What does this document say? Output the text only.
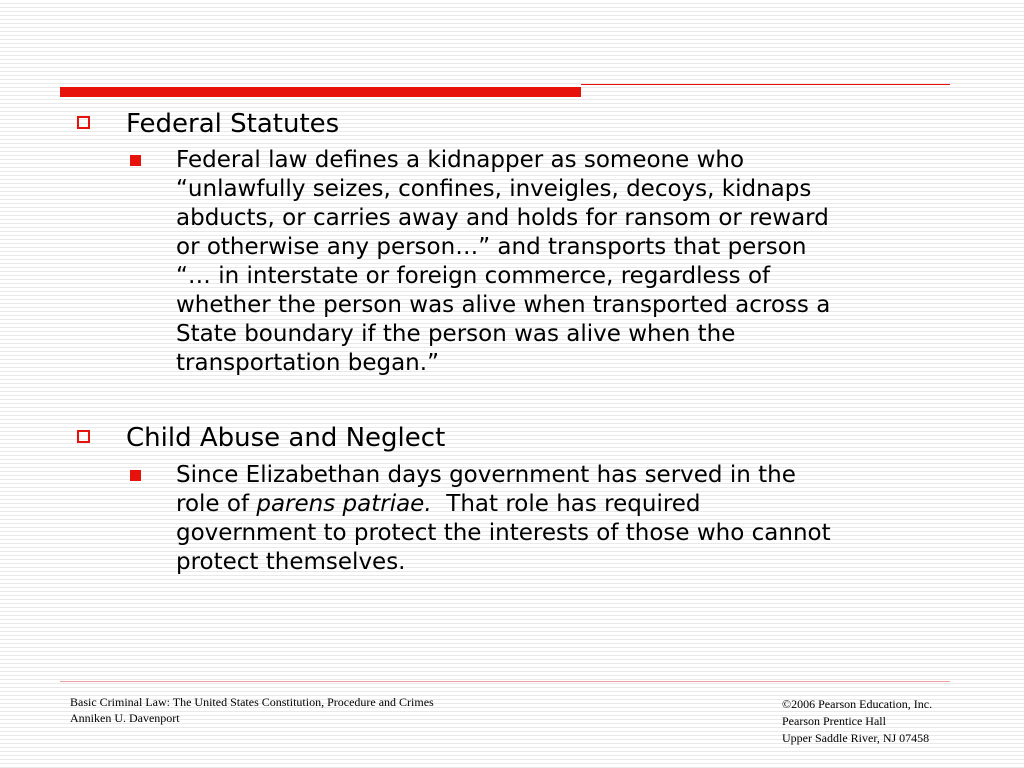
Federal Statutes
Federal law defines a kidnapper as someone who
“unlawfully seizes, confines, inveigles, decoys, kidnaps
abducts, or carries away and holds for ransom or reward
or otherwise any person…” and transports that person
“… in interstate or foreign commerce, regardless of
whether the person was alive when transported across a
State boundary if the person was alive when the
transportation began.”
Child Abuse and Neglect
Since Elizabethan days government has served in the
role of parens patriae.  That role has required
government to protect the interests of those who cannot
protect themselves.
Basic Criminal Law: The United States Constitution, Procedure and Crimes
Anniken U. Davenport
©2006 Pearson Education, Inc.
Pearson Prentice Hall
Upper Saddle River, NJ 07458
